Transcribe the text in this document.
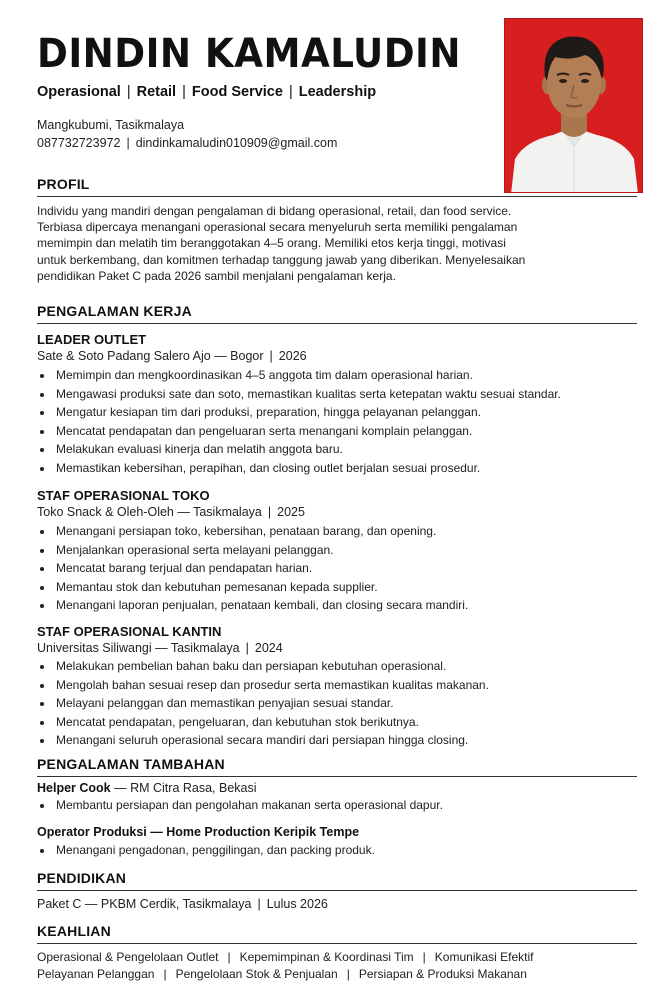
DINDIN KAMALUDIN
Operasional | Retail | Food Service | Leadership
Mangkubumi, Tasikmalaya
087732723972 | dindinkamaludin010909@gmail.com
PROFIL
Individu yang mandiri dengan pengalaman di bidang operasional, retail, dan food service.
Terbiasa dipercaya menangani operasional secara menyeluruh serta memiliki pengalaman
memimpin dan melatih tim beranggotakan 4–5 orang. Memiliki etos kerja tinggi, motivasi
untuk berkembang, dan komitmen terhadap tanggung jawab yang diberikan. Menyelesaikan
pendidikan Paket C pada 2026 sambil menjalani pengalaman kerja.
PENGALAMAN KERJA
LEADER OUTLET
Sate & Soto Padang Salero Ajo — Bogor | 2026
Memimpin dan mengkoordinasikan 4–5 anggota tim dalam operasional harian.
Mengawasi produksi sate dan soto, memastikan kualitas serta ketepatan waktu sesuai standar.
Mengatur kesiapan tim dari produksi, preparation, hingga pelayanan pelanggan.
Mencatat pendapatan dan pengeluaran serta menangani komplain pelanggan.
Melakukan evaluasi kinerja dan melatih anggota baru.
Memastikan kebersihan, perapihan, dan closing outlet berjalan sesuai prosedur.
STAF OPERASIONAL TOKO
Toko Snack & Oleh-Oleh — Tasikmalaya | 2025
Menangani persiapan toko, kebersihan, penataan barang, dan opening.
Menjalankan operasional serta melayani pelanggan.
Mencatat barang terjual dan pendapatan harian.
Memantau stok dan kebutuhan pemesanan kepada supplier.
Menangani laporan penjualan, penataan kembali, dan closing secara mandiri.
STAF OPERASIONAL KANTIN
Universitas Siliwangi — Tasikmalaya | 2024
Melakukan pembelian bahan baku dan persiapan kebutuhan operasional.
Mengolah bahan sesuai resep dan prosedur serta memastikan kualitas makanan.
Melayani pelanggan dan memastikan penyajian sesuai standar.
Mencatat pendapatan, pengeluaran, dan kebutuhan stok berikutnya.
Menangani seluruh operasional secara mandiri dari persiapan hingga closing.
PENGALAMAN TAMBAHAN
Helper Cook — RM Citra Rasa, Bekasi
Membantu persiapan dan pengolahan makanan serta operasional dapur.
Operator Produksi — Home Production Keripik Tempe
Menangani pengadonan, penggilingan, dan packing produk.
PENDIDIKAN
Paket C — PKBM Cerdik, Tasikmalaya | Lulus 2026
KEAHLIAN
Operasional & Pengelolaan Outlet | Kepemimpinan & Koordinasi Tim | Komunikasi Efektif
Pelayanan Pelanggan | Pengelolaan Stok & Penjualan | Persiapan & Produksi Makanan
